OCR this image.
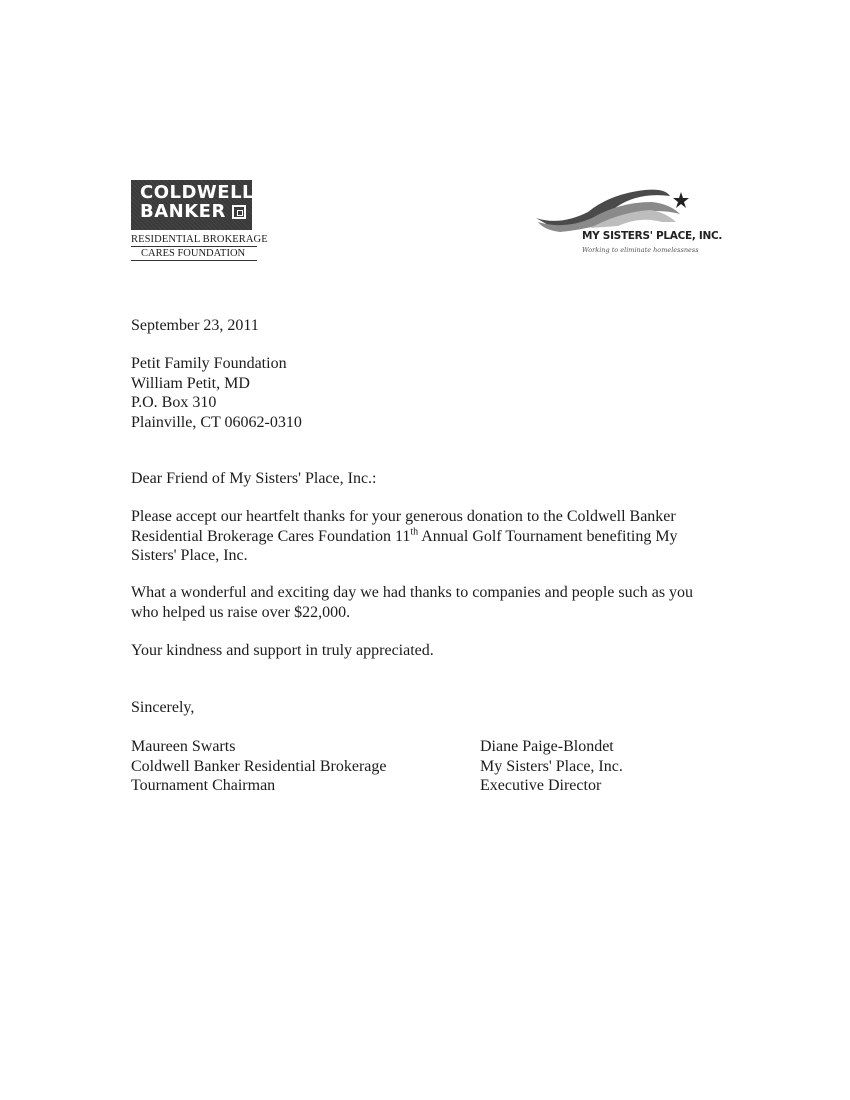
COLDWELL
BANKER
RESIDENTIAL BROKERAGE
CARES FOUNDATION
MY SISTERS' PLACE, INC.
Working to eliminate homelessness
September 23, 2011
Petit Family Foundation
William Petit, MD
P.O. Box 310
Plainville, CT 06062-0310
Dear Friend of My Sisters' Place, Inc.:
Please accept our heartfelt thanks for your generous donation to the Coldwell Banker
Residential Brokerage Cares Foundation 11th Annual Golf Tournament benefiting My
Sisters' Place, Inc.
What a wonderful and exciting day we had thanks to companies and people such as you
who helped us raise over $22,000.
Your kindness and support in truly appreciated.
Sincerely,
Maureen Swarts
Coldwell Banker Residential Brokerage
Tournament Chairman
Diane Paige-Blondet
My Sisters' Place, Inc.
Executive Director
